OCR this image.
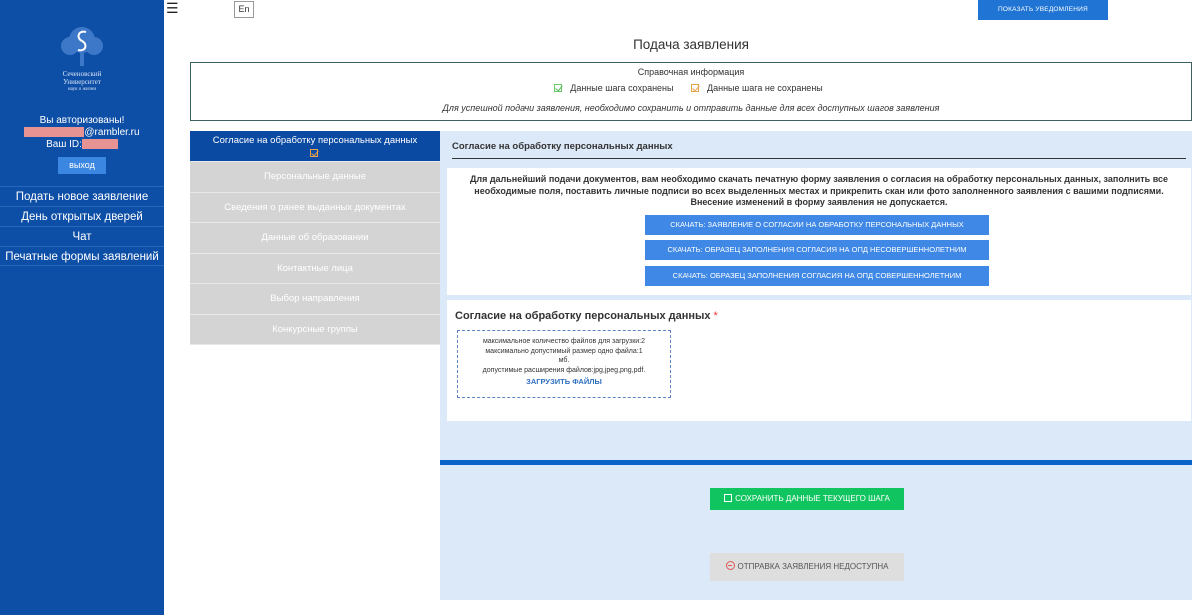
Сеченовский
Университет
наук о жизни
Вы авторизованы!
@rambler.ru
Ваш ID:
выход
Подать новое заявление
День открытых дверей
Чат
Печатные формы заявлений
☰	En	ПОКАЗАТЬ УВЕДОМЛЕНИЯ
Подача заявления
Справочная информация
Данные шага сохранены	Данные шага не сохранены
Для успешной подачи заявления, необходимо сохранить и отправить данные для всех доступных шагов заявления
Согласие на обработку персональных данных
Персональные данные
Сведения о ранее выданных документах
Данные об образовании
Контактные лица
Выбор направления
Конкурсные группы
Согласие на обработку персональных данных
Для дальнейший подачи документов, вам необходимо скачать печатную форму заявления о согласия на обработку персональных данных, заполнить все
необходимые поля, поставить личные подписи во всех выделенных местах и прикрепить скан или фото заполненного заявления с вашими подписями.
Внесение изменений в форму заявления не допускается.
СКАЧАТЬ: ЗАЯВЛЕНИЕ О СОГЛАСИИ НА ОБРАБОТКУ ПЕРСОНАЛЬНЫХ ДАННЫХ
СКАЧАТЬ: ОБРАЗЕЦ ЗАПОЛНЕНИЯ СОГЛАСИЯ НА ОПД НЕСОВЕРШЕННОЛЕТНИМ
СКАЧАТЬ: ОБРАЗЕЦ ЗАПОЛНЕНИЯ СОГЛАСИЯ НА ОПД СОВЕРШЕННОЛЕТНИМ
Согласие на обработку персональных данных *
максимальное количество файлов для загрузки:2
максимально допустимый размер одно файла:1
мб.
допустимые расширения файлов:jpg,jpeg,png,pdf.
ЗАГРУЗИТЬ ФАЙЛЫ
СОХРАНИТЬ ДАННЫЕ ТЕКУЩЕГО ШАГА
ОТПРАВКА ЗАЯВЛЕНИЯ НЕДОСТУПНА
